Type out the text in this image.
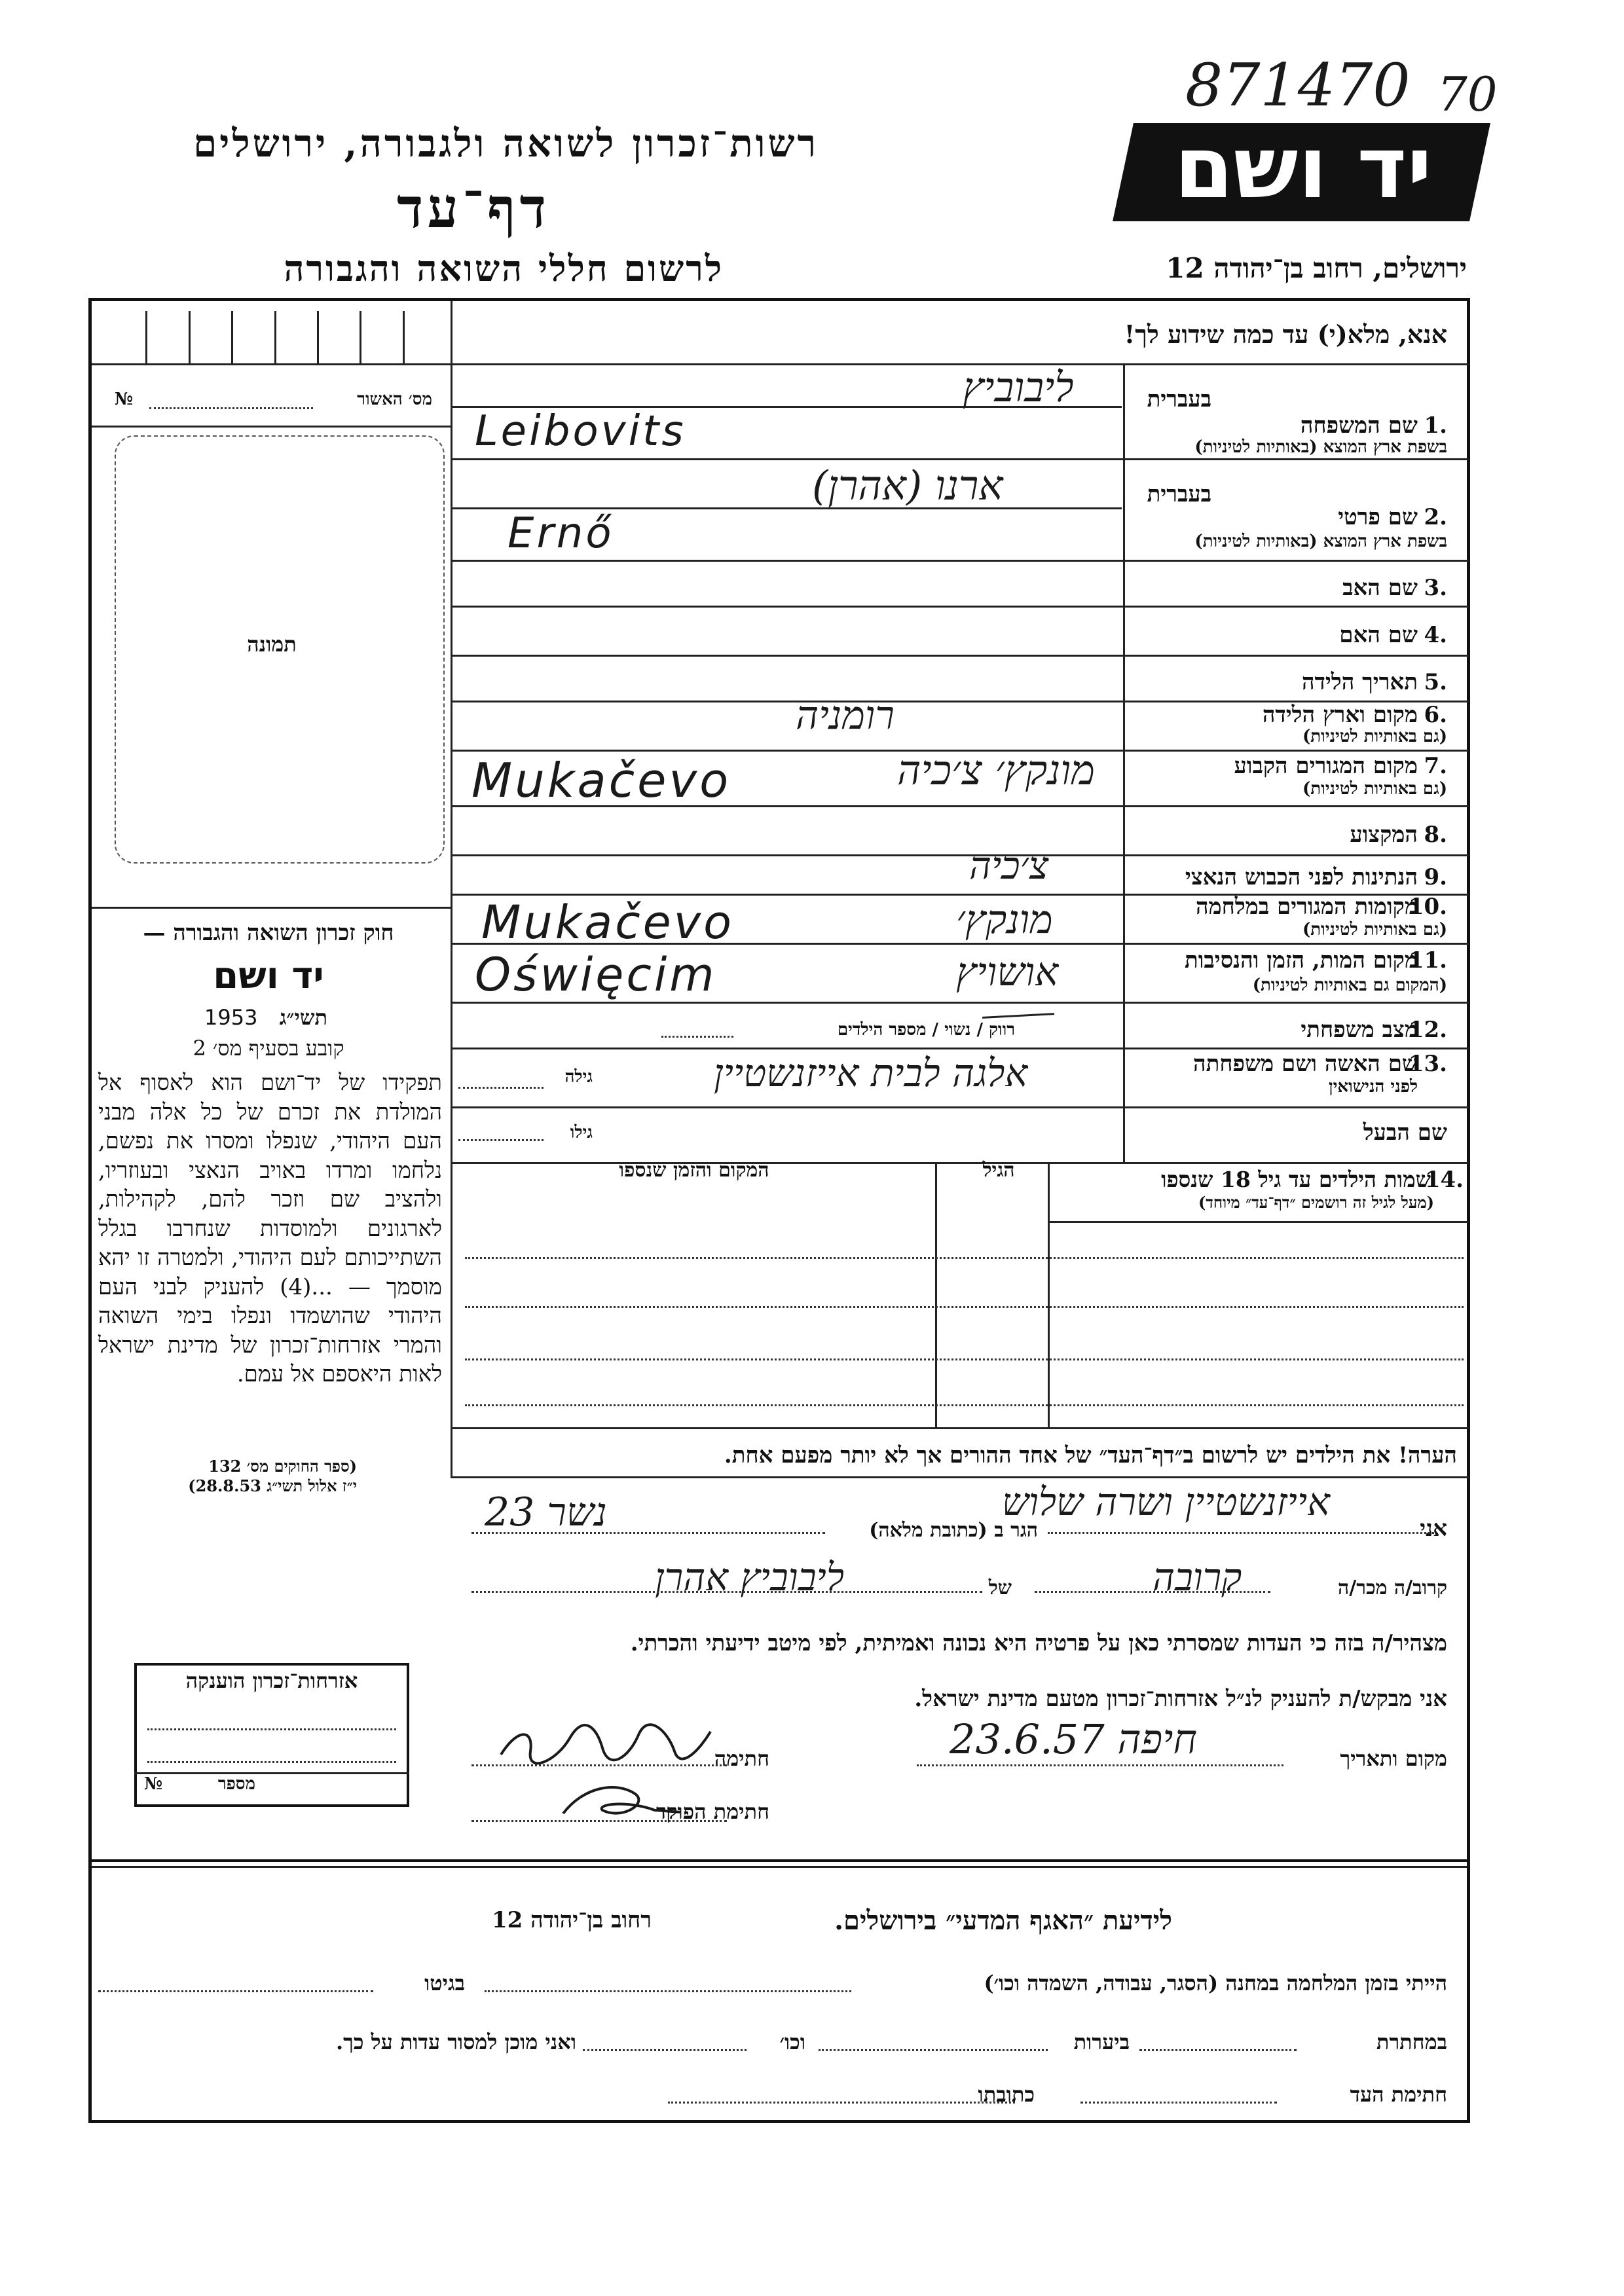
871470 70
רשות־זכרון לשואה ולגבורה, ירושלים
דף־עד
לרשום חללי השואה והגבורה
יד ושם
ירושלים, רחוב בן־יהודה 12
אנא, מלא(י) עד כמה שידוע לך!
מס׳ האשור
№
תמונה
חוק זכרון השואה והגבורה —
יד ושם
תשי״ג
1953
קובע בסעיף מס׳ 2
תפקידו של יד־ושם הוא לאסוף אל המולדת את זכרם של כל אלה מבני העם היהודי, שנפלו ומסרו את נפשם, נלחמו ומרדו באויב הנאצי ובעוזריו, ולהציב שם וזכר להם, לקהילות, לארגונים ולמוסדות שנחרבו בגלל השתייכותם לעם היהודי, ולמטרה זו יהא מוסמך — ...(4) להעניק לבני העם היהודי שהושמדו ונפלו בימי השואה והמרי אזרחות־זכרון של מדינת ישראל לאות היאספם אל עמם.
(ספר החוקים מס׳ 132
י״ז אלול תשי״ג 28.8.53)
אזרחות־זכרון הוענקה
מספר
№
בעברית
1.
שם המשפחה
בשפת ארץ המוצא (באותיות לטיניות)
בעברית
2.
שם פרטי
בשפת ארץ המוצא (באותיות לטיניות)
3.
שם האב
4.
שם האם
5.
תאריך הלידה
6.
מקום וארץ הלידה
(גם באותיות לטיניות)
7.
מקום המגורים הקבוע
(גם באותיות לטיניות)
8.
המקצוע
9.
הנתינות לפני הכבוש הנאצי
10.
מקומות המגורים במלחמה
(גם באותיות לטיניות)
11.
מקום המות, הזמן והנסיבות
(המקום גם באותיות לטיניות)
12.
מצב משפחתי
רווק / נשוי / מספר הילדים
13.
שם האשה ושם משפחתה
לפני הנישואין
גילה
שם הבעל
גילו
ליבוביץ
Leibovits
ארנו (אהרן)
Ernő
רומניה
מונקץ׳ צ׳כיה
Mukačevo
צ׳כיה
מונקץ׳
Mukačevo
אושויץ
Oświęcim
אלגה לבית אייזנשטיין
14.
שמות הילדים עד גיל 18 שנספו
(מעל לגיל זה רושמים ״דף־עד״ מיוחד)
הגיל
המקום והזמן שנספו
הערה! את הילדים יש לרשום ב״דף־העד״ של אחד ההורים אך לא יותר מפעם אחת.
אני
אייזנשטיין ושרה שלוש
הגר ב (כתובת מלאה)
נשר 23
קרוב/ה מכר/ה
קרובה
של
ליבוביץ אהרן
מצהיר/ה בזה כי העדות שמסרתי כאן על פרטיה היא נכונה ואמיתית, לפי מיטב ידיעתי והכרתי.
אני מבקש/ת להעניק לנ״ל אזרחות־זכרון מטעם מדינת ישראל.
מקום ותאריך
חיפה 23.6.57
חתימה
חתימת הפוקד
לידיעת ״האגף המדעי״ בירושלים.
רחוב בן־יהודה 12
הייתי בזמן המלחמה במחנה (הסגר, עבודה, השמדה וכו׳)
בגיטו
במחתרת
ביערות
וכו׳
ואני מוכן למסור עדות על כך.
חתימת העד
כתובתו
